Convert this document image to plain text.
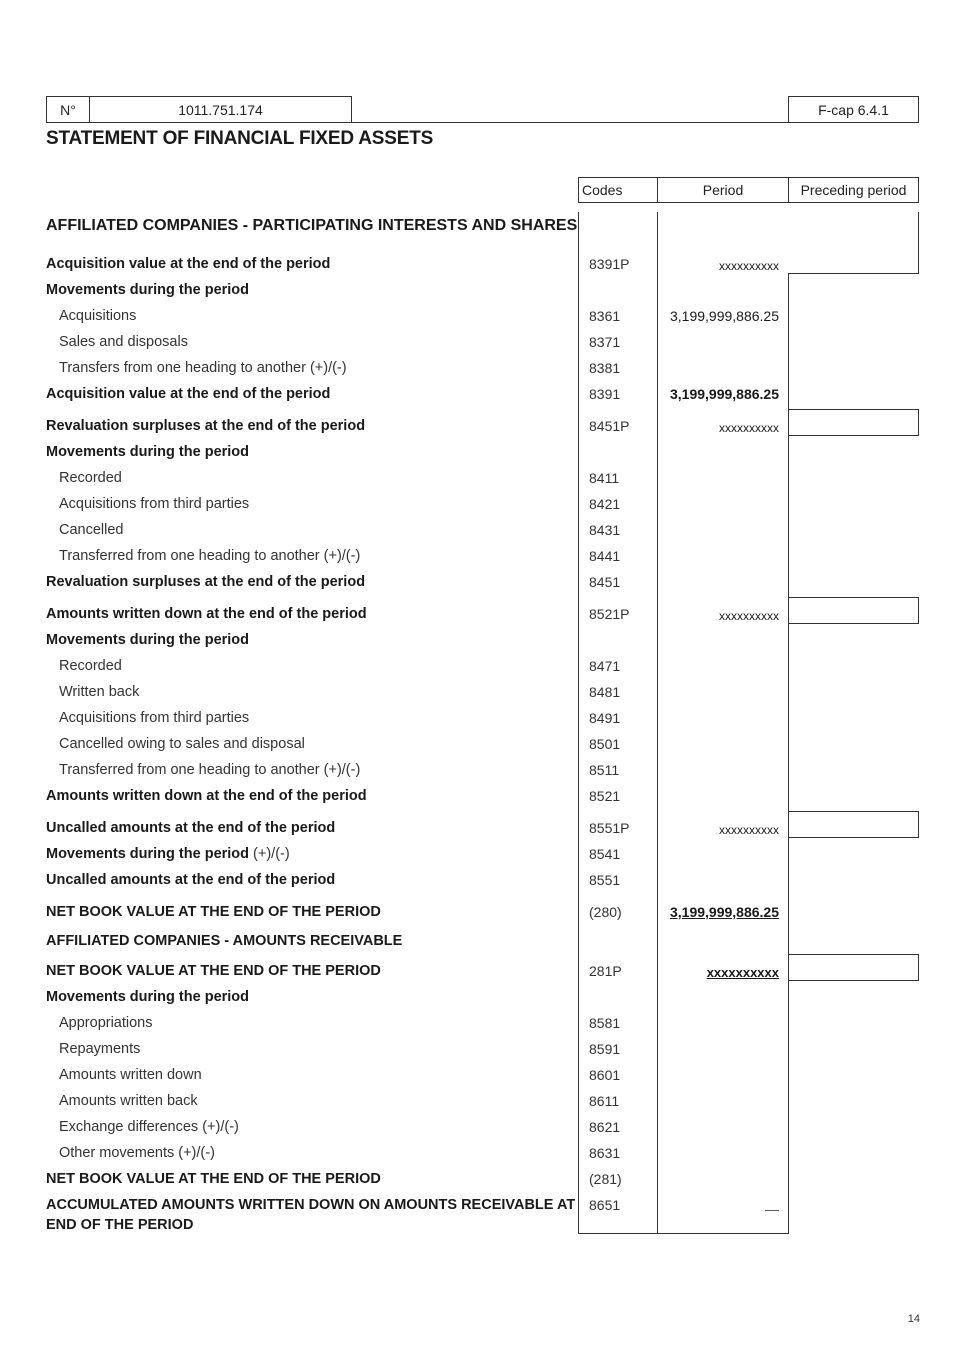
N°	1011.751.174	F-cap 6.4.1
STATEMENT OF FINANCIAL FIXED ASSETS
Codes	Period	Preceding period
AFFILIATED COMPANIES - PARTICIPATING INTERESTS AND SHARES
Acquisition value at the end of the period	8391P	xxxxxxxxxx
Movements during the period
Acquisitions	8361	3,199,999,886.25
Sales and disposals	8371
Transfers from one heading to another (+)/(-)	8381
Acquisition value at the end of the period	8391	3,199,999,886.25
Revaluation surpluses at the end of the period	8451P	xxxxxxxxxx
Movements during the period
Recorded	8411
Acquisitions from third parties	8421
Cancelled	8431
Transferred from one heading to another (+)/(-)	8441
Revaluation surpluses at the end of the period	8451
Amounts written down at the end of the period	8521P	xxxxxxxxxx
Movements during the period
Recorded	8471
Written back	8481
Acquisitions from third parties	8491
Cancelled owing to sales and disposal	8501
Transferred from one heading to another (+)/(-)	8511
Amounts written down at the end of the period	8521
Uncalled amounts at the end of the period	8551P	xxxxxxxxxx
Movements during the period (+)/(-)	8541
Uncalled amounts at the end of the period	8551
NET BOOK VALUE AT THE END OF THE PERIOD	(280)	3,199,999,886.25
AFFILIATED COMPANIES - AMOUNTS RECEIVABLE
NET BOOK VALUE AT THE END OF THE PERIOD	281P	xxxxxxxxxx
Movements during the period
Appropriations	8581
Repayments	8591
Amounts written down	8601
Amounts written back	8611
Exchange differences (+)/(-)	8621
Other movements (+)/(-)	8631
NET BOOK VALUE AT THE END OF THE PERIOD	(281)
ACCUMULATED AMOUNTS WRITTEN DOWN ON AMOUNTS RECEIVABLE AT
END OF THE PERIOD
8651	—
14
